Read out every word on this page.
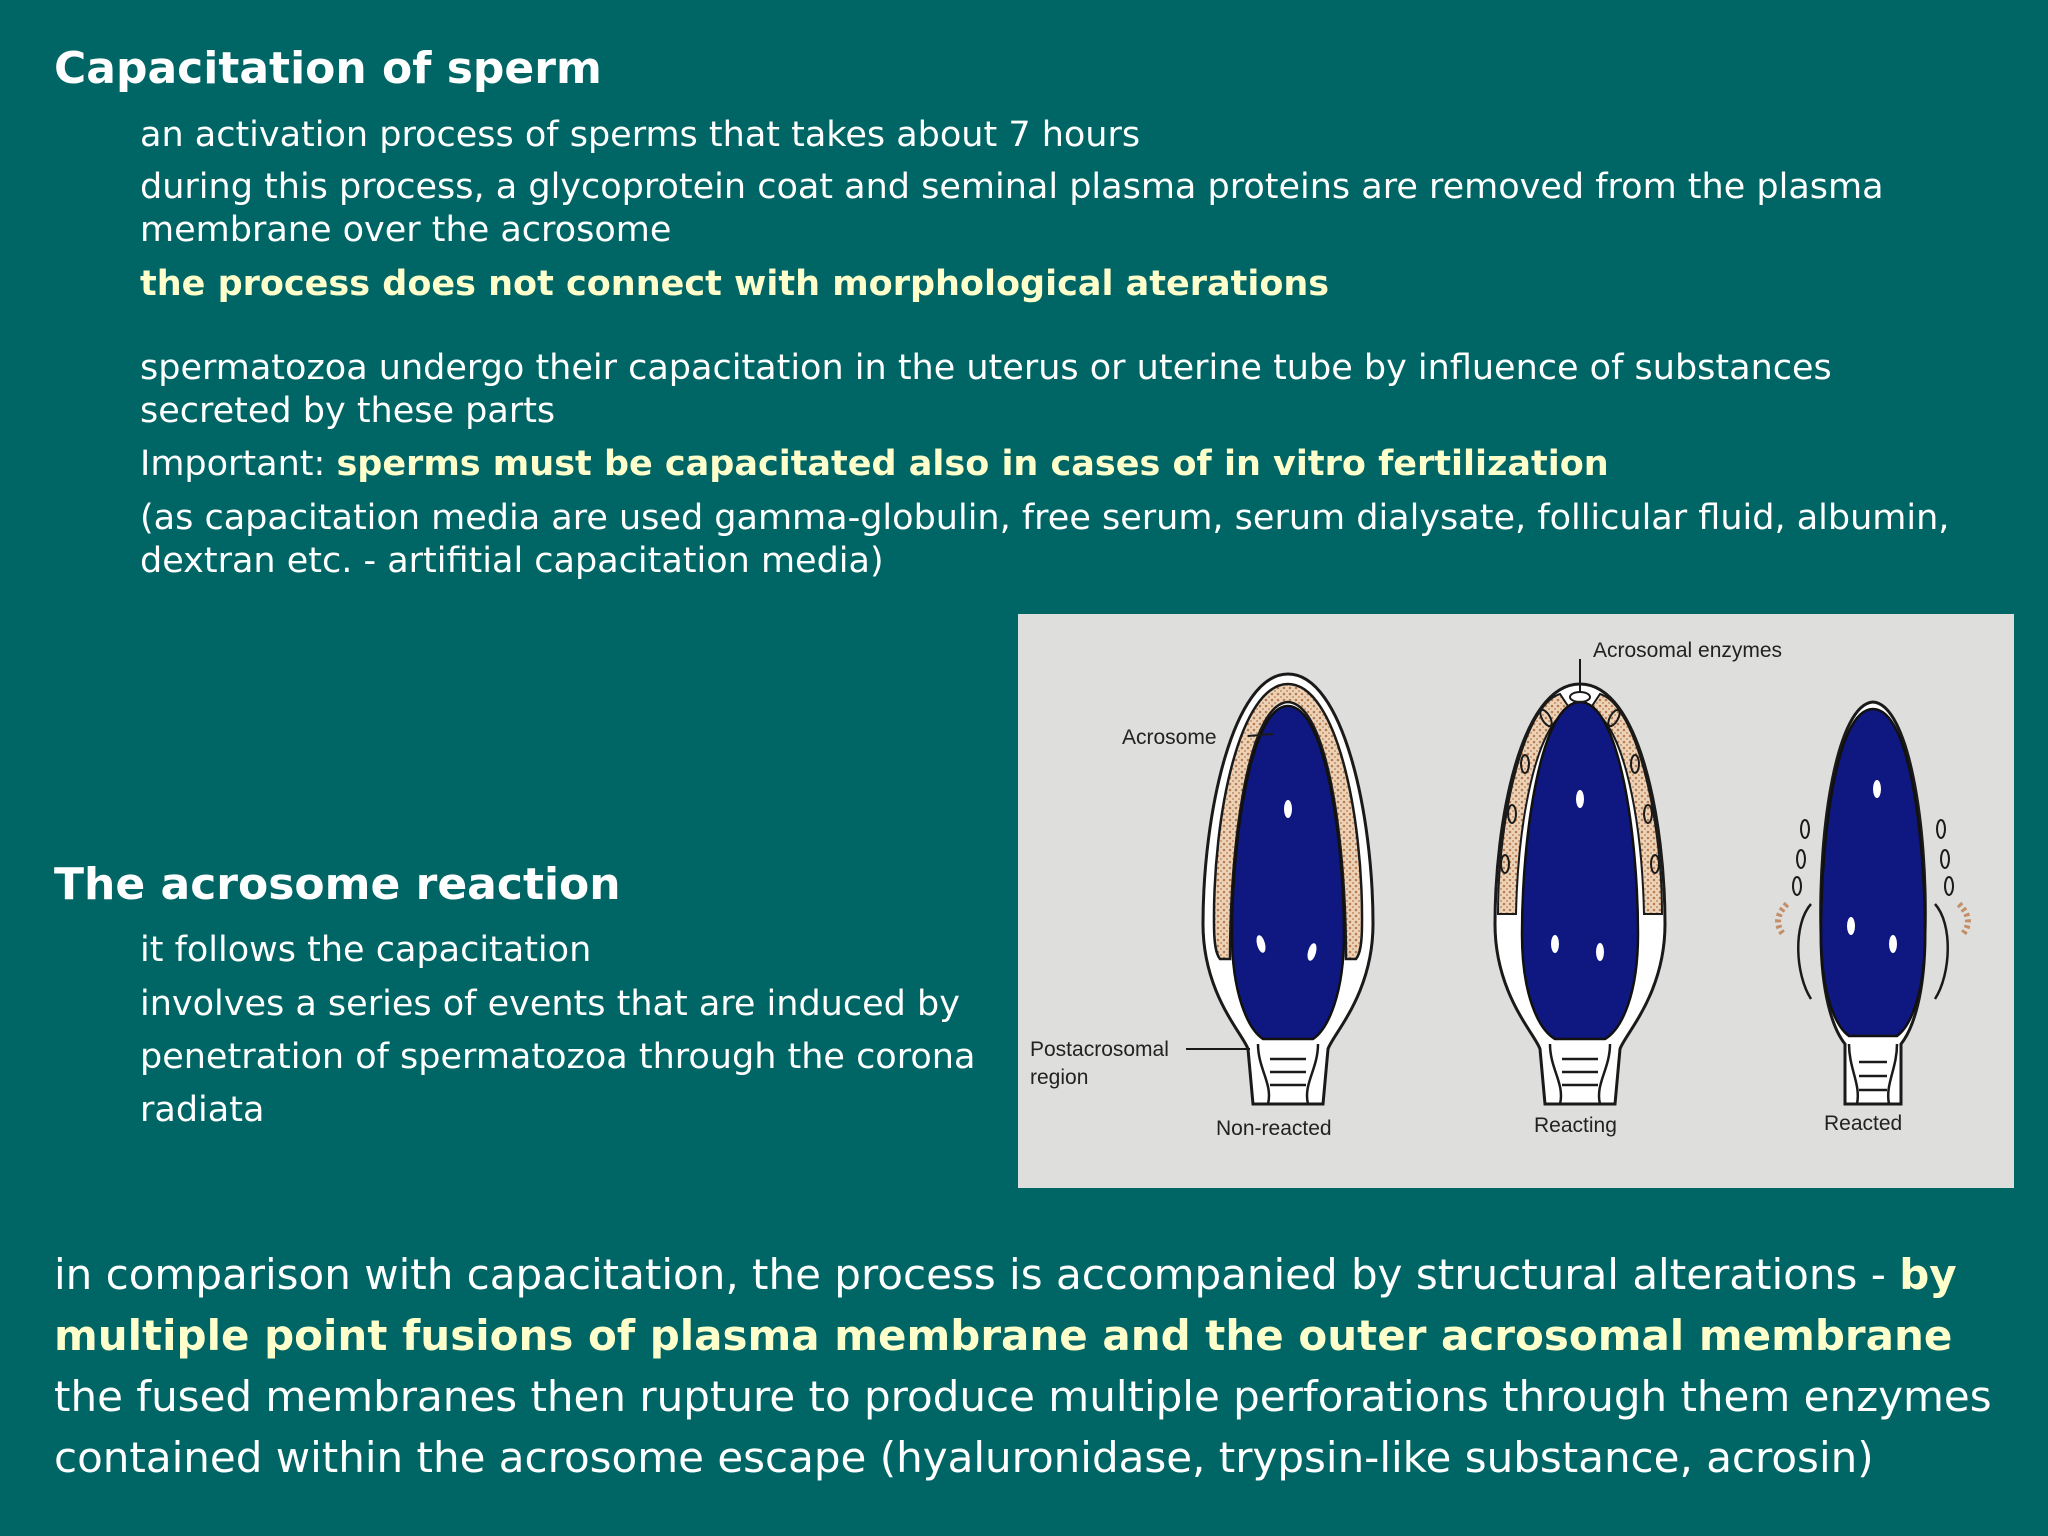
Capacitation of sperm
an activation process of sperms that takes about 7 hours
during this process, a glycoprotein coat and seminal plasma proteins are removed from the plasma
membrane over the acrosome
the process does not connect with morphological aterations
spermatozoa undergo their capacitation in the uterus or uterine tube by influence of substances
secreted by these parts
Important: sperms must be capacitated also in cases of in vitro fertilization
(as capacitation media are used gamma-globulin, free serum, serum dialysate, follicular fluid, albumin,
dextran etc. - artifitial capacitation media)
The acrosome reaction
it follows the capacitation
involves a series of events that are induced by
penetration of spermatozoa through the corona
radiata
Acrosomal enzymes
Acrosome
Postacrosomal
region
Non-reacted	Reacting	Reacted
in comparison with capacitation, the process is accompanied by structural alterations - by
multiple point fusions of plasma membrane and the outer acrosomal membrane
the fused membranes then rupture to produce multiple perforations through them enzymes
contained within the acrosome escape (hyaluronidase, trypsin-like substance, acrosin)
